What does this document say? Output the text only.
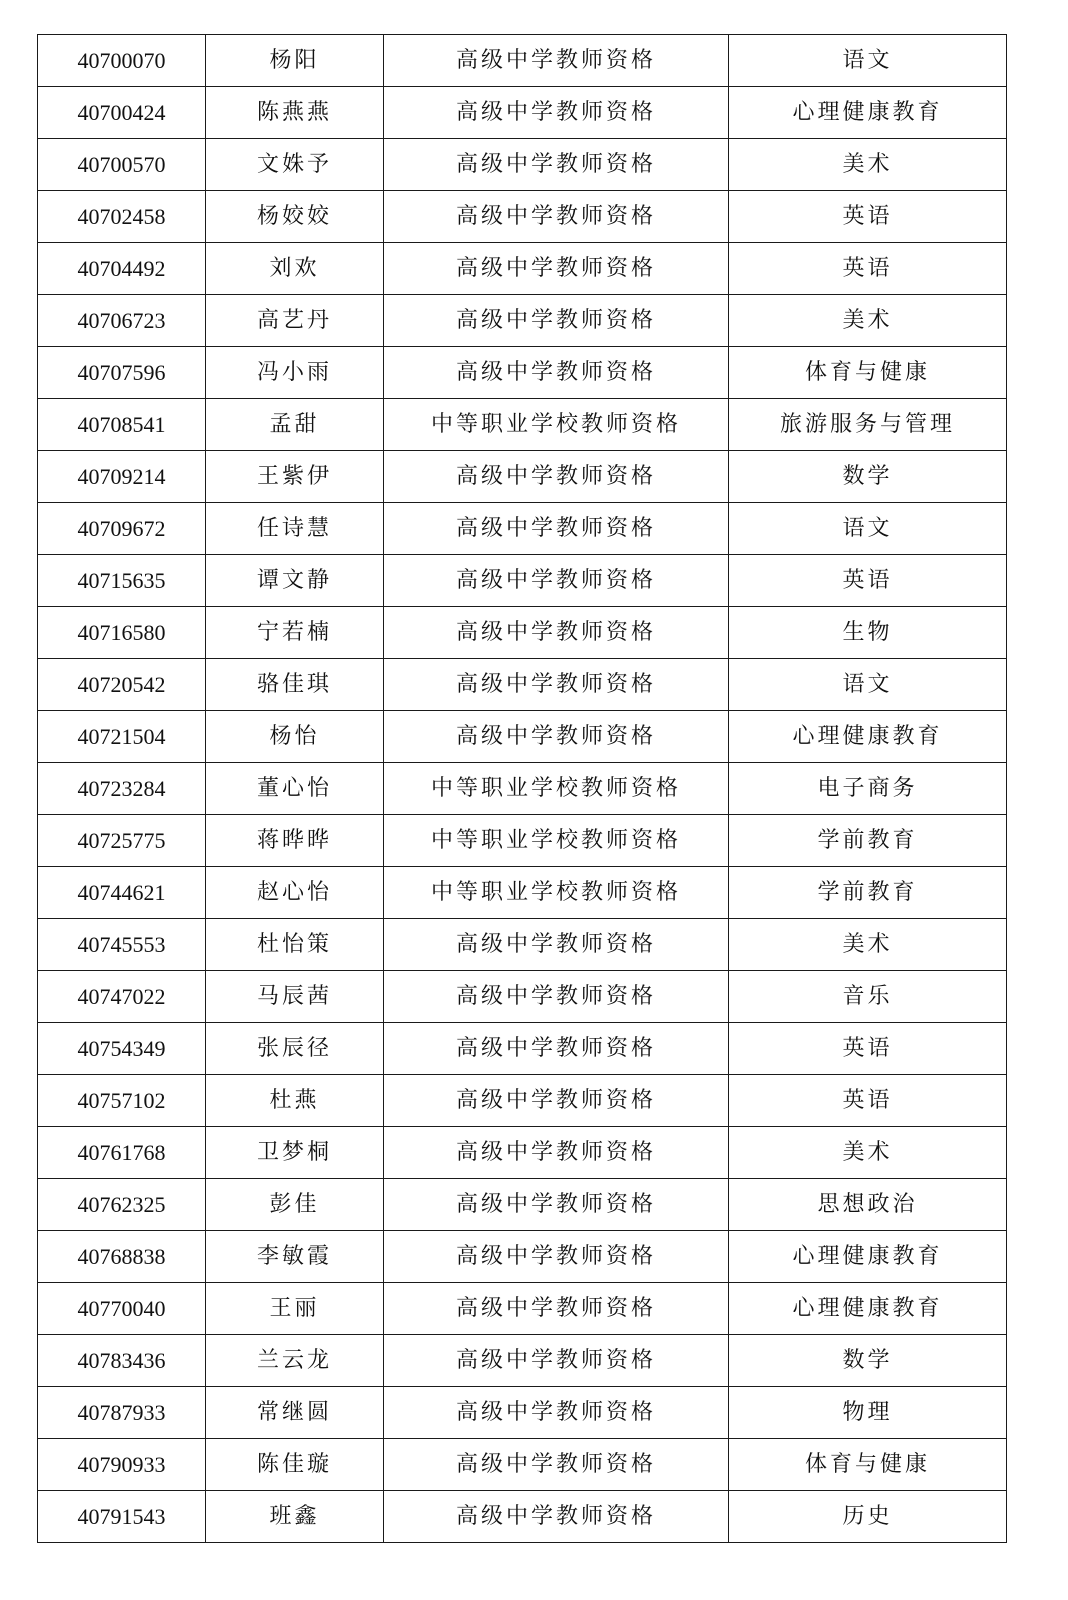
40700070	杨阳	高级中学教师资格	语文
40700424	陈燕燕	高级中学教师资格	心理健康教育
40700570	文姝予	高级中学教师资格	美术
40702458	杨姣姣	高级中学教师资格	英语
40704492	刘欢	高级中学教师资格	英语
40706723	高艺丹	高级中学教师资格	美术
40707596	冯小雨	高级中学教师资格	体育与健康
40708541	孟甜	中等职业学校教师资格	旅游服务与管理
40709214	王紫伊	高级中学教师资格	数学
40709672	任诗慧	高级中学教师资格	语文
40715635	谭文静	高级中学教师资格	英语
40716580	宁若楠	高级中学教师资格	生物
40720542	骆佳琪	高级中学教师资格	语文
40721504	杨怡	高级中学教师资格	心理健康教育
40723284	董心怡	中等职业学校教师资格	电子商务
40725775	蒋晔晔	中等职业学校教师资格	学前教育
40744621	赵心怡	中等职业学校教师资格	学前教育
40745553	杜怡策	高级中学教师资格	美术
40747022	马辰茜	高级中学教师资格	音乐
40754349	张辰径	高级中学教师资格	英语
40757102	杜燕	高级中学教师资格	英语
40761768	卫梦桐	高级中学教师资格	美术
40762325	彭佳	高级中学教师资格	思想政治
40768838	李敏霞	高级中学教师资格	心理健康教育
40770040	王丽	高级中学教师资格	心理健康教育
40783436	兰云龙	高级中学教师资格	数学
40787933	常继圆	高级中学教师资格	物理
40790933	陈佳璇	高级中学教师资格	体育与健康
40791543	班鑫	高级中学教师资格	历史
